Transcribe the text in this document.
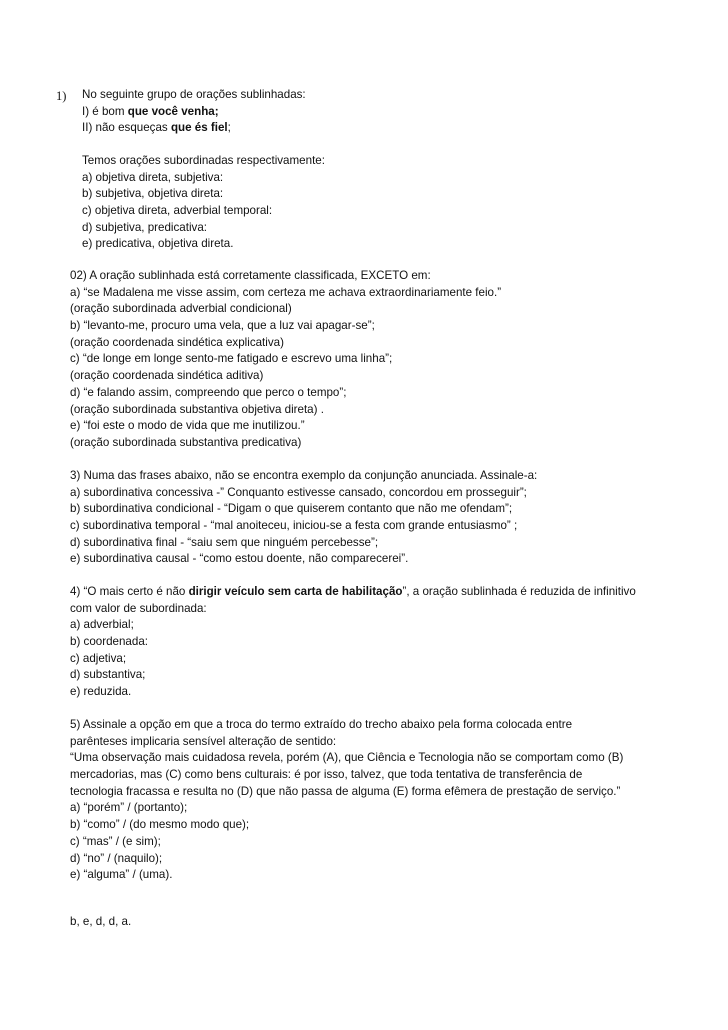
1) No seguinte grupo de orações sublinhadas:
I) é bom que você venha;
II) não esqueças que és fiel;
Temos orações subordinadas respectivamente:
a) objetiva direta, subjetiva:
b) subjetiva, objetiva direta:
c) objetiva direta, adverbial temporal:
d) subjetiva, predicativa:
e) predicativa, objetiva direta.
02) A oração sublinhada está corretamente classificada, EXCETO em:
a) “se Madalena me visse assim, com certeza me achava extraordinariamente feio.”
(oração subordinada adverbial condicional)
b) “levanto-me, procuro uma vela, que a luz vai apagar-se”;
(oração coordenada sindética explicativa)
c) “de longe em longe sento-me fatigado e escrevo uma linha”;
(oração coordenada sindética aditiva)
d) “e falando assim, compreendo que perco o tempo”;
(oração subordinada substantiva objetiva direta) .
e) “foi este o modo de vida que me inutilizou.”
(oração subordinada substantiva predicativa)
3) Numa das frases abaixo, não se encontra exemplo da conjunção anunciada. Assinale-a:
a) subordinativa concessiva -” Conquanto estivesse cansado, concordou em prosseguir”;
b) subordinativa condicional - “Digam o que quiserem contanto que não me ofendam”;
c) subordinativa temporal - “mal anoiteceu, iniciou-se a festa com grande entusiasmo” ;
d) subordinativa final - “saiu sem que ninguém percebesse”;
e) subordinativa causal - “como estou doente, não comparecerei”.
4) “O mais certo é não dirigir veículo sem carta de habilitação”, a oração sublinhada é reduzida de infinitivo
com valor de subordinada:
a) adverbial;
b) coordenada:
c) adjetiva;
d) substantiva;
e) reduzida.
5) Assinale a opção em que a troca do termo extraído do trecho abaixo pela forma colocada entre
parênteses implicaria sensível alteração de sentido:
“Uma observação mais cuidadosa revela, porém (A), que Ciência e Tecnologia não se comportam como (B)
mercadorias, mas (C) como bens culturais: é por isso, talvez, que toda tentativa de transferência de
tecnologia fracassa e resulta no (D) que não passa de alguma (E) forma efêmera de prestação de serviço.”
a) “porém” / (portanto);
b) “como” / (do mesmo modo que);
c) “mas” / (e sim);
d) “no” / (naquilo);
e) “alguma” / (uma).
b, e, d, d, a.
